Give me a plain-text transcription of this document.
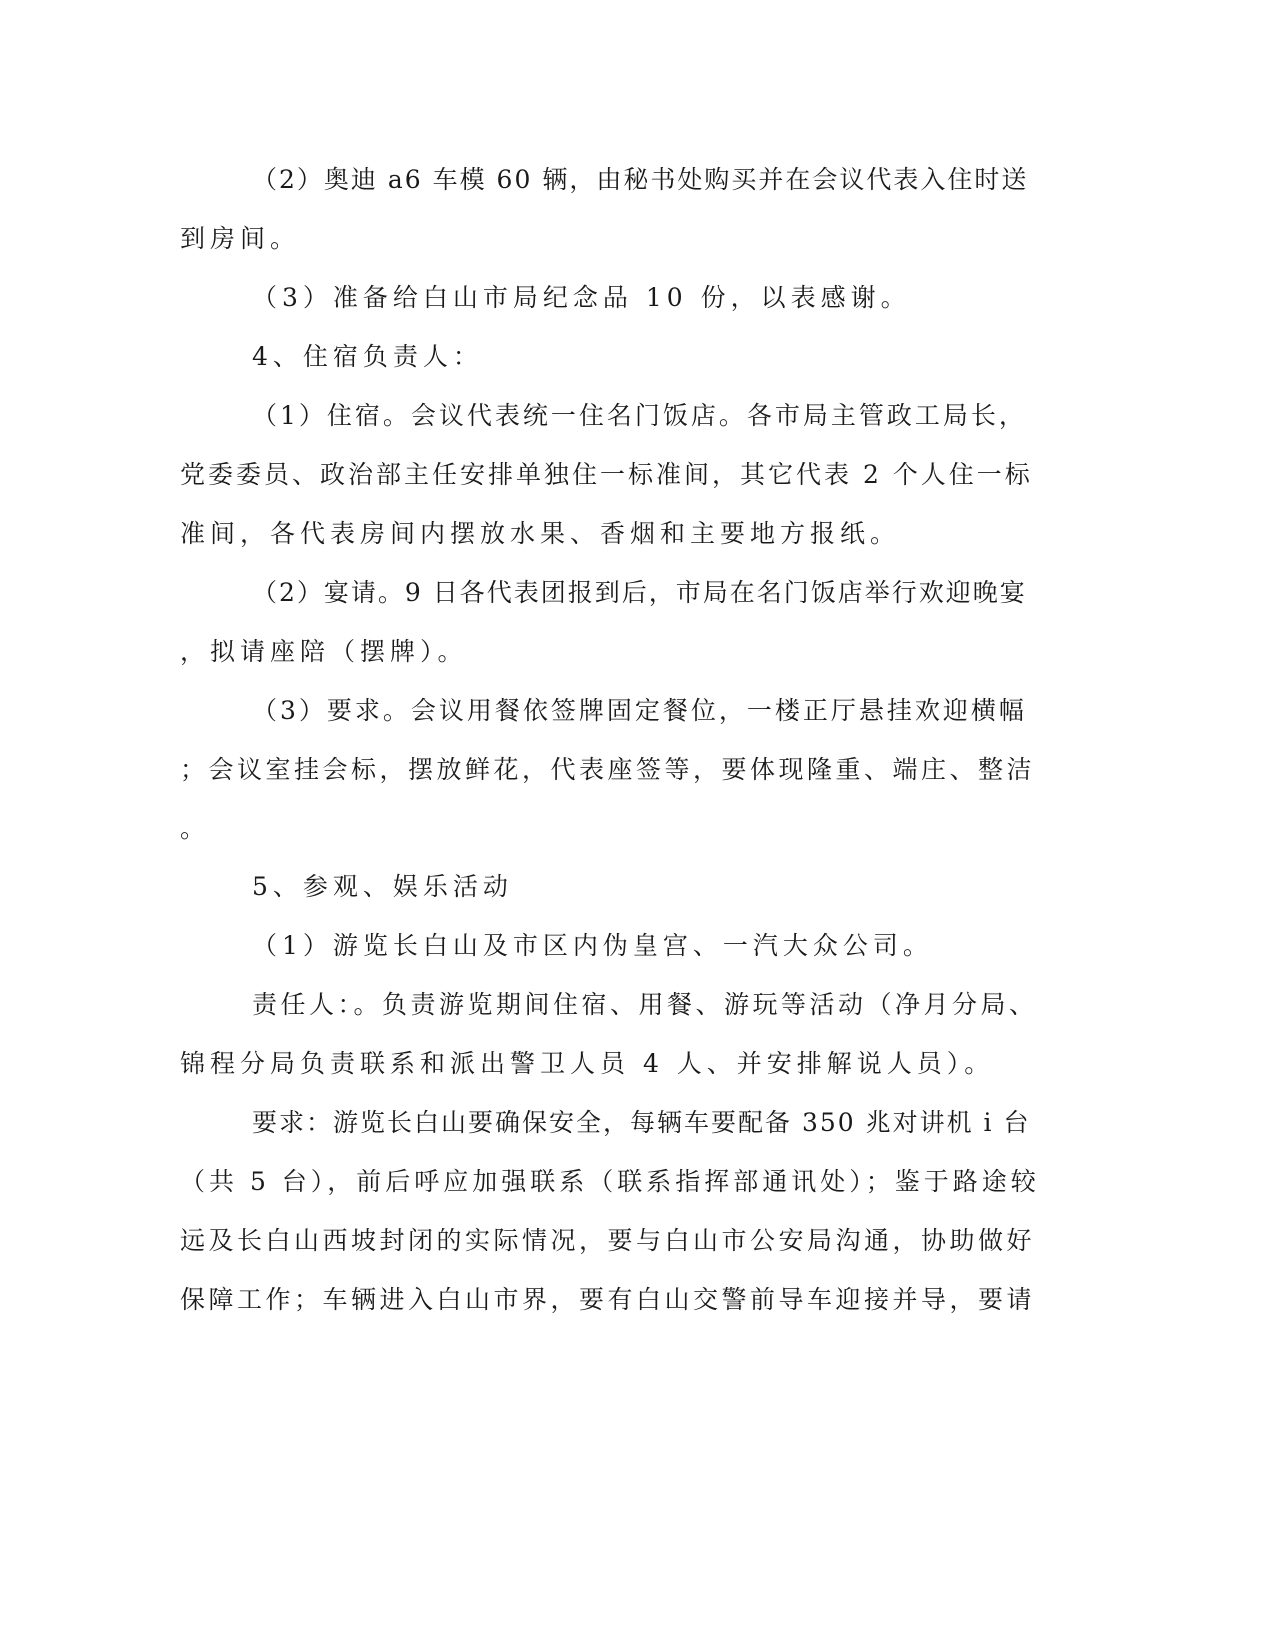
（2）奥迪 a6 车模 60 辆，由秘书处购买并在会议代表入住时送
到房间。
（3）准备给白山市局纪念品 10 份，以表感谢。
4、住宿负责人：
（1）住宿。会议代表统一住名门饭店。各市局主管政工局长，
党委委员、政治部主任安排单独住一标准间，其它代表 2 个人住一标
准间，各代表房间内摆放水果、香烟和主要地方报纸。
（2）宴请。9 日各代表团报到后，市局在名门饭店举行欢迎晚宴
，拟请座陪（摆牌）。
（3）要求。会议用餐依签牌固定餐位，一楼正厅悬挂欢迎横幅
；会议室挂会标，摆放鲜花，代表座签等，要体现隆重、端庄、整洁
。
5、参观、娱乐活动
（1）游览长白山及市区内伪皇宫、一汽大众公司。
责任人：。负责游览期间住宿、用餐、游玩等活动（净月分局、
锦程分局负责联系和派出警卫人员 4 人、并安排解说人员）。
要求：游览长白山要确保安全，每辆车要配备 350 兆对讲机 i 台
（共 5 台），前后呼应加强联系（联系指挥部通讯处）；鉴于路途较
远及长白山西坡封闭的实际情况，要与白山市公安局沟通，协助做好
保障工作；车辆进入白山市界，要有白山交警前导车迎接并导，要请
